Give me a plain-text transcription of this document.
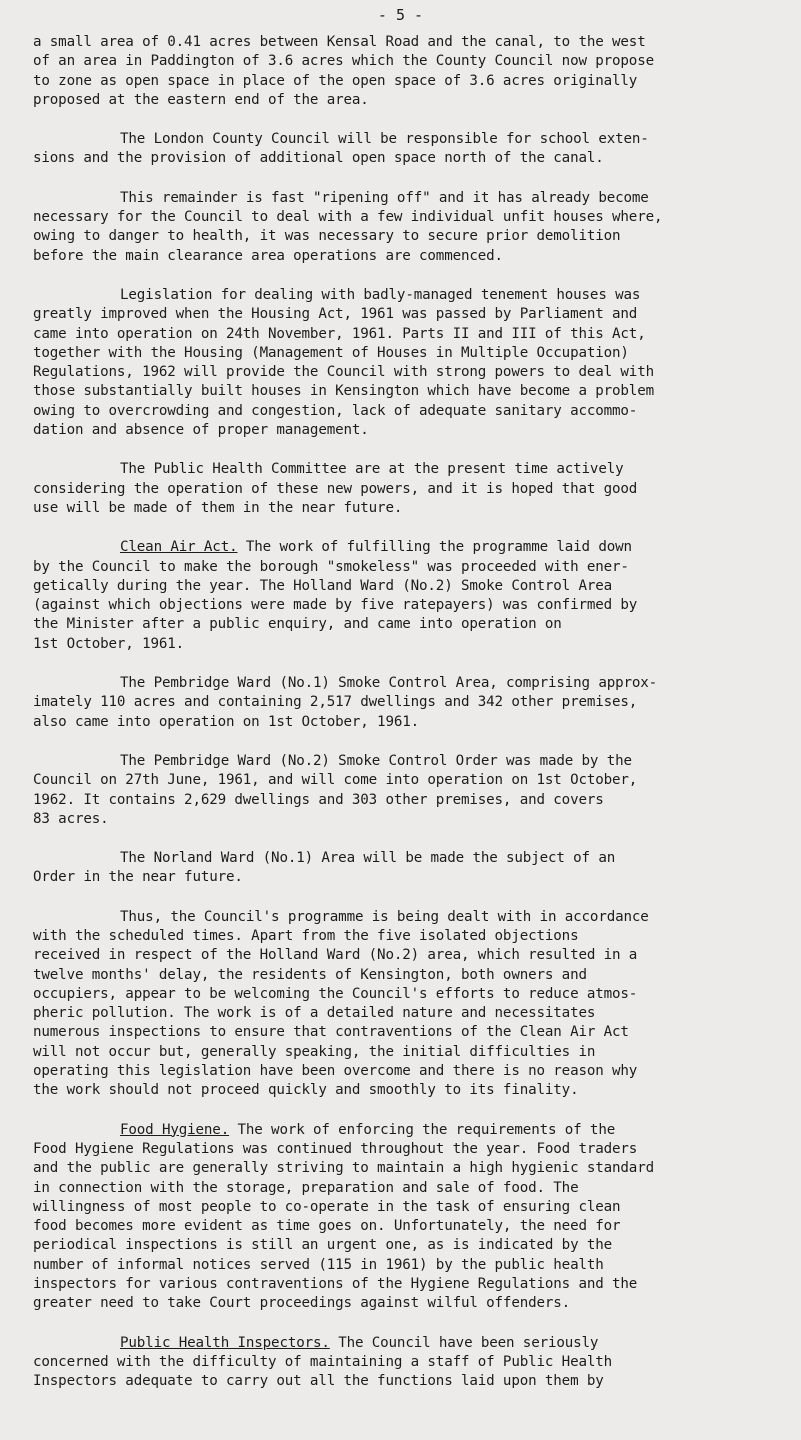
- 5 -
a small area of 0.41 acres between Kensal Road and the canal, to the west
of an area in Paddington of 3.6 acres which the County Council now propose
to zone as open space in place of the open space of 3.6 acres originally
proposed at the eastern end of the area.
The London County Council will be responsible for school exten-
sions and the provision of additional open space north of the canal.
This remainder is fast "ripening off" and it has already become
necessary for the Council to deal with a few individual unfit houses where,
owing to danger to health, it was necessary to secure prior demolition
before the main clearance area operations are commenced.
Legislation for dealing with badly-managed tenement houses was
greatly improved when the Housing Act, 1961 was passed by Parliament and
came into operation on 24th November, 1961. Parts II and III of this Act,
together with the Housing (Management of Houses in Multiple Occupation)
Regulations, 1962 will provide the Council with strong powers to deal with
those substantially built houses in Kensington which have become a problem
owing to overcrowding and congestion, lack of adequate sanitary accommo-
dation and absence of proper management.
The Public Health Committee are at the present time actively
considering the operation of these new powers, and it is hoped that good
use will be made of them in the near future.
Clean Air Act. The work of fulfilling the programme laid down
by the Council to make the borough "smokeless" was proceeded with ener-
getically during the year. The Holland Ward (No.2) Smoke Control Area
(against which objections were made by five ratepayers) was confirmed by
the Minister after a public enquiry, and came into operation on
1st October, 1961.
The Pembridge Ward (No.1) Smoke Control Area, comprising approx-
imately 110 acres and containing 2,517 dwellings and 342 other premises,
also came into operation on 1st October, 1961.
The Pembridge Ward (No.2) Smoke Control Order was made by the
Council on 27th June, 1961, and will come into operation on 1st October,
1962. It contains 2,629 dwellings and 303 other premises, and covers
83 acres.
The Norland Ward (No.1) Area will be made the subject of an
Order in the near future.
Thus, the Council's programme is being dealt with in accordance
with the scheduled times. Apart from the five isolated objections
received in respect of the Holland Ward (No.2) area, which resulted in a
twelve months' delay, the residents of Kensington, both owners and
occupiers, appear to be welcoming the Council's efforts to reduce atmos-
pheric pollution. The work is of a detailed nature and necessitates
numerous inspections to ensure that contraventions of the Clean Air Act
will not occur but, generally speaking, the initial difficulties in
operating this legislation have been overcome and there is no reason why
the work should not proceed quickly and smoothly to its finality.
Food Hygiene. The work of enforcing the requirements of the
Food Hygiene Regulations was continued throughout the year. Food traders
and the public are generally striving to maintain a high hygienic standard
in connection with the storage, preparation and sale of food. The
willingness of most people to co-operate in the task of ensuring clean
food becomes more evident as time goes on. Unfortunately, the need for
periodical inspections is still an urgent one, as is indicated by the
number of informal notices served (115 in 1961) by the public health
inspectors for various contraventions of the Hygiene Regulations and the
greater need to take Court proceedings against wilful offenders.
Public Health Inspectors. The Council have been seriously
concerned with the difficulty of maintaining a staff of Public Health
Inspectors adequate to carry out all the functions laid upon them by
